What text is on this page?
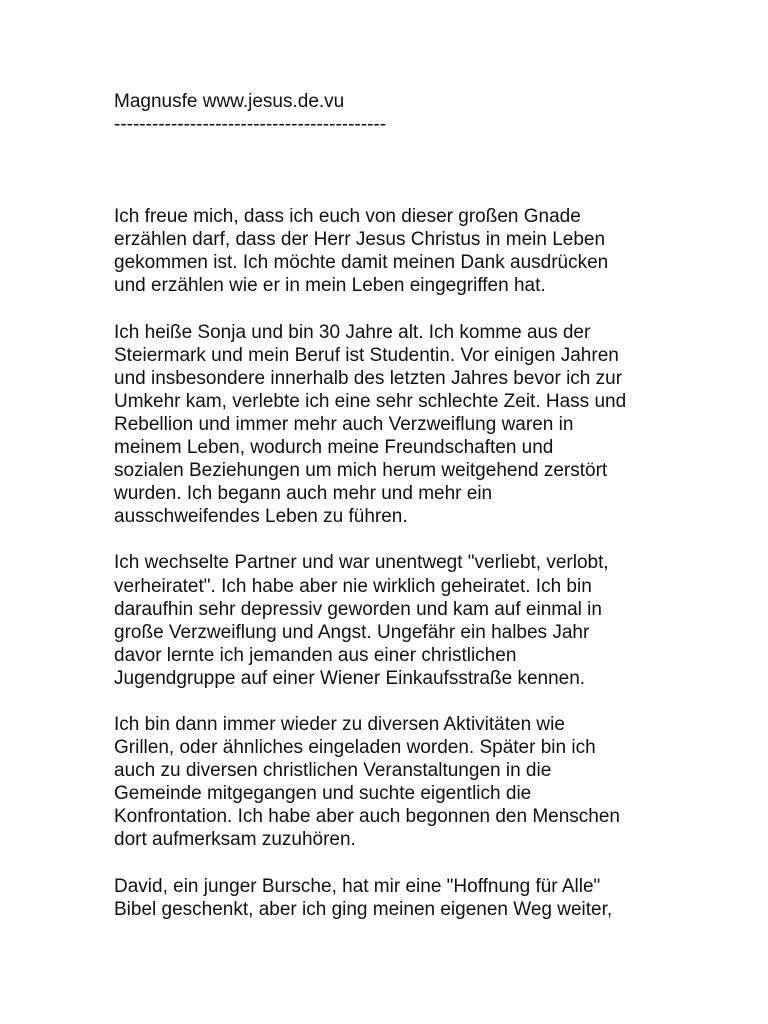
Magnusfe www.jesus.de.vu
-------------------------------------------
Ich freue mich, dass ich euch von dieser großen Gnade
erzählen darf, dass der Herr Jesus Christus in mein Leben
gekommen ist. Ich möchte damit meinen Dank ausdrücken
und erzählen wie er in mein Leben eingegriffen hat.
Ich heiße Sonja und bin 30 Jahre alt. Ich komme aus der
Steiermark und mein Beruf ist Studentin. Vor einigen Jahren
und insbesondere innerhalb des letzten Jahres bevor ich zur
Umkehr kam, verlebte ich eine sehr schlechte Zeit. Hass und
Rebellion und immer mehr auch Verzweiflung waren in
meinem Leben, wodurch meine Freundschaften und
sozialen Beziehungen um mich herum weitgehend zerstört
wurden. Ich begann auch mehr und mehr ein
ausschweifendes Leben zu führen.
Ich wechselte Partner und war unentwegt "verliebt, verlobt,
verheiratet". Ich habe aber nie wirklich geheiratet. Ich bin
daraufhin sehr depressiv geworden und kam auf einmal in
große Verzweiflung und Angst. Ungefähr ein halbes Jahr
davor lernte ich jemanden aus einer christlichen
Jugendgruppe auf einer Wiener Einkaufsstraße kennen.
Ich bin dann immer wieder zu diversen Aktivitäten wie
Grillen, oder ähnliches eingeladen worden. Später bin ich
auch zu diversen christlichen Veranstaltungen in die
Gemeinde mitgegangen und suchte eigentlich die
Konfrontation. Ich habe aber auch begonnen den Menschen
dort aufmerksam zuzuhören.
David, ein junger Bursche, hat mir eine "Hoffnung für Alle"
Bibel geschenkt, aber ich ging meinen eigenen Weg weiter,
